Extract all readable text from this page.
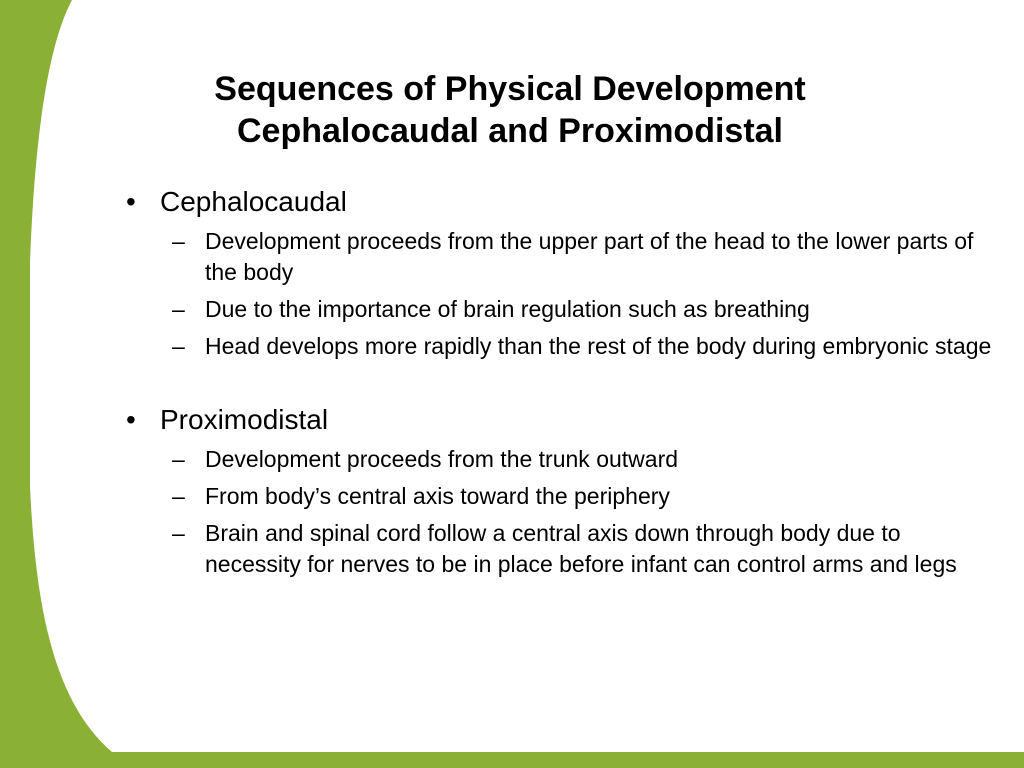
Sequences of Physical Development
Cephalocaudal and Proximodistal
• Cephalocaudal
– Development proceeds from the upper part of the head to the lower parts of the body
– Due to the importance of brain regulation such as breathing
– Head develops more rapidly than the rest of the body during embryonic stage
• Proximodistal
– Development proceeds from the trunk outward
– From body’s central axis toward the periphery
– Brain and spinal cord follow a central axis down through body due to necessity for nerves to be in place before infant can control arms and legs
